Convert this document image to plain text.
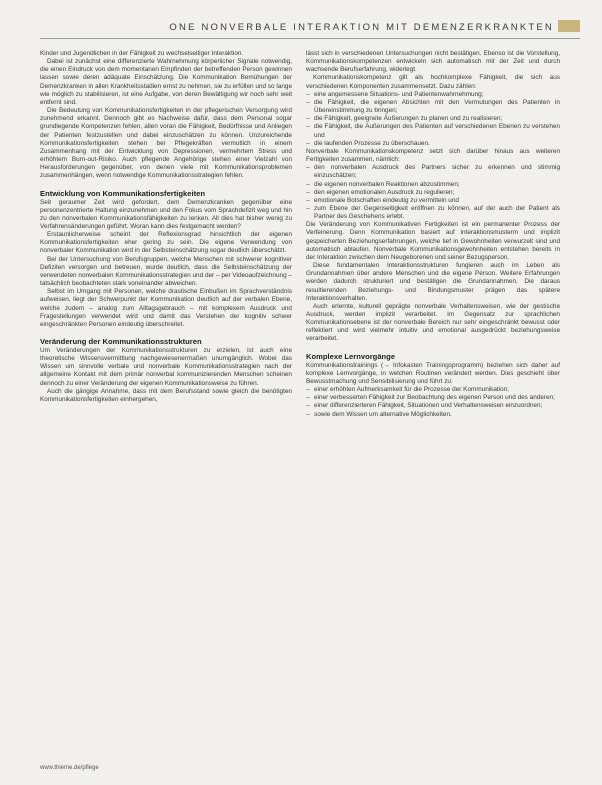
ONE NONVERBALE INTERAKTION MIT DEMENZERKRANKTEN

Kinder und Jugendlichen in der Fähigkeit zu wechselseitiger Interaktion.

Dabei ist zunächst eine differenzierte Wahrnehmung körperlicher Signale notwendig, die einen Eindruck von dem momentanen Empfinden der betreffenden Person gewinnen lassen sowie deren adäquate Einschätzung. Die Kommunikation Bemühungen der Demenzkranken in allen Krankheitsstadien ernst zu nehmen, sie zu erfüllen und so lange wie möglich zu stabilisieren, ist eine Aufgabe, von deren Bewältigung wir noch sehr weit entfernt sind.

Die Bedeutung von Kommunikationsfertigkeiten in der pflegerischen Versorgung wird zunehmend erkannt. Dennoch gibt es Nachweise dafür, dass dem Personal sogar grundlegende Kompetenzen fehlen, allen voran die Fähigkeit, Bedürfnisse und Anliegen der Patienten festzustellen und dabei einzuschätzen zu können. Unzureichende Kommunikationsfertigkeiten stehen bei Pflegekräften vermutlich in einem Zusammenhang mit der Entwicklung von Depressionen, vermehrtem Stress und erhöhtem Burn-out-Risiko. Auch pflegende Angehörige stehen einer Vielzahl von Herausforderungen gegenüber, von denen viele mit Kommunikationsproblemen zusammenhängen, wenn notwendige Kommunikationsstrategien fehlen.

Entwicklung von Kommunikationsfertigkeiten

Seit geraumer Zeit wird gefordert, dem Demenzkranken gegenüber eine personenzentrierte Haltung einzunehmen und den Fokus vom Sprachdefizit weg und hin zu den nonverbalen Kommunikationsfähigkeiten zu lenken. All dies hat bisher wenig zu Verfahrensänderungen geführt. Woran kann dies festgemacht werden?

Erstaunlicherweise scheint der Reflexionsgrad hinsichtlich der eigenen Kommunikationsfertigkeiten eher gering zu sein. Die eigene Verwendung von nonverbaler Kommunikation wird in der Selbsteinschätzung sogar deutlich überschätzt.

Bei der Untersuchung von Berufsgruppen, welche Menschen mit schwerer kognitiver Defiziten versorgen und betreuen, wurde deutlich, dass die Selbsteinschätzung der verwendeten nonverbalen Kommunikationsstrategien und der – per Videoaufzeichnung – tatsächlich beobachteten stark voneinander abweichen.

Selbst im Umgang mit Personen, welche drastische Einbußen im Sprachverständnis aufweisen, liegt der Schwerpunkt der Kommunikation deutlich auf der verbalen Ebene, welche zudem – analog zum Alltagsgebrauch – mit komplexem Ausdruck und Fragestellungen verwendet wird und damit das Verstehen der kognitiv schwer eingeschränkten Personen eindeutig überschreitet.

Veränderung der Kommunikationsstrukturen

Um Veränderungen der Kommunikationsstrukturen zu erzielen, ist auch eine theoretische Wissensvermittlung nachgewiesenermaßen unumgänglich. Wobei das Wissen um sinnvolle verbale und nonverbale Kommunikationsstrategien nach der allgemeine Kontakt mit dem primär nonverbal kommunizierenden Menschen scheinen dennoch zu einer Veränderung der eigenen Kommunikationsweise zu führen.

Auch die gängige Annahme, dass mit dem Berufsstand sowie gleich die benötigten Kommunikationsfertigkeiten einhergehen,

lässt sich in verschiedenen Untersuchungen nicht bestätigen. Ebenso ist die Vorstellung, Kommunikationskompetenzen entwickeln sich automatisch mit der Zeit und durch wachsende Berufserfahrung, widerlegt.

Kommunikationskompetenz gilt als hochkomplexe Fähigkeit, die sich aus verschiedenen Komponenten zusammensetzt. Dazu zählen:

– eine angemessene Situations- und Patientenwahrnehmung;
– die Fähigkeit, die eigenen Absichten mit den Vermutungen des Patienten in Übereinstimmung zu bringen;
– die Fähigkeit, geeignete Äußerungen zu planen und zu realisieren;
– die Fähigkeit, die Äußerungen des Patienten auf verschiedenen Ebenen zu verstehen und
– die laufenden Prozesse zu überschauen.

Nonverbale Kommunikationskompetenz setzt sich darüber hinaus aus weiteren Fertigkeiten zusammen, nämlich:

– den nonverbalen Ausdruck des Partners sicher zu erkennen und stimmig einzuschätzen;
– die eigenen nonverbalen Reaktionen abzustimmen;
– den eigenen emotionalen Ausdruck zu regulieren;
– emotionale Botschaften eindeutig zu vermitteln und
– zum Ebene der Gegenseitigkeit eröffnen zu können, auf der auch der Patient als Partner des Geschehens erlebt.

Die Veränderung von Kommunikativen Fertigkeiten ist ein permanenter Prozess der Verfeinerung. Denn Kommunikation basiert auf interaktionsmusterm und implizit gespeicherten Beziehungserfahrungen, welche tief in Gewohnheiten verwurzelt sind und automatisch ablaufen. Nonverbale Kommunikationsgewohnheiten entstehen bereits in der Interaktion zwischen dem Neugeborenen und seiner Bezugsperson.

Diese fundamentalen Interaktionsstrukturen fungieren auch im Leben als Grundannahmen über andere Menschen und die eigene Person. Weitere Erfahrungen werden dadurch strukturiert und bestätigen die Grundannahmen. Die daraus resultierenden Beziehungs- und Bindungsmuster prägen das spätere Interaktionsverhalten.

Auch erlernte, kulturell geprägte nonverbale Verhaltensweisen, wie der gestische Ausdruck, werden implizit verarbeitet. Im Gegensatz zur sprachlichen Kommunikationsebene ist der nonverbale Bereich nur sehr eingeschränkt bewusst oder reflektiert und wird vielmehr intuitiv und emotional ausgedrückt beziehungsweise verarbeitet.

Komplexe Lernvorgänge

Kommunikationstrainings (→ Infokasten Trainingsprogramm) beziehen sich daher auf komplexe Lernvorgänge, in welchen Routinen verändert werden. Dies geschieht über Bewusstmachung und Sensibilisierung und führt zu:

– einer erhöhten Aufmerksamkeit für die Prozesse der Kommunikation;
– einer verbesserten Fähigkeit zur Beobachtung des eigenen Person und des anderen;
– einer differenzierteren Fähigkeit, Situationen und Verhaltensweisen einzuordnen;
– sowie dem Wissen um alternative Möglichkeiten.
www.thieme.de/pflege
